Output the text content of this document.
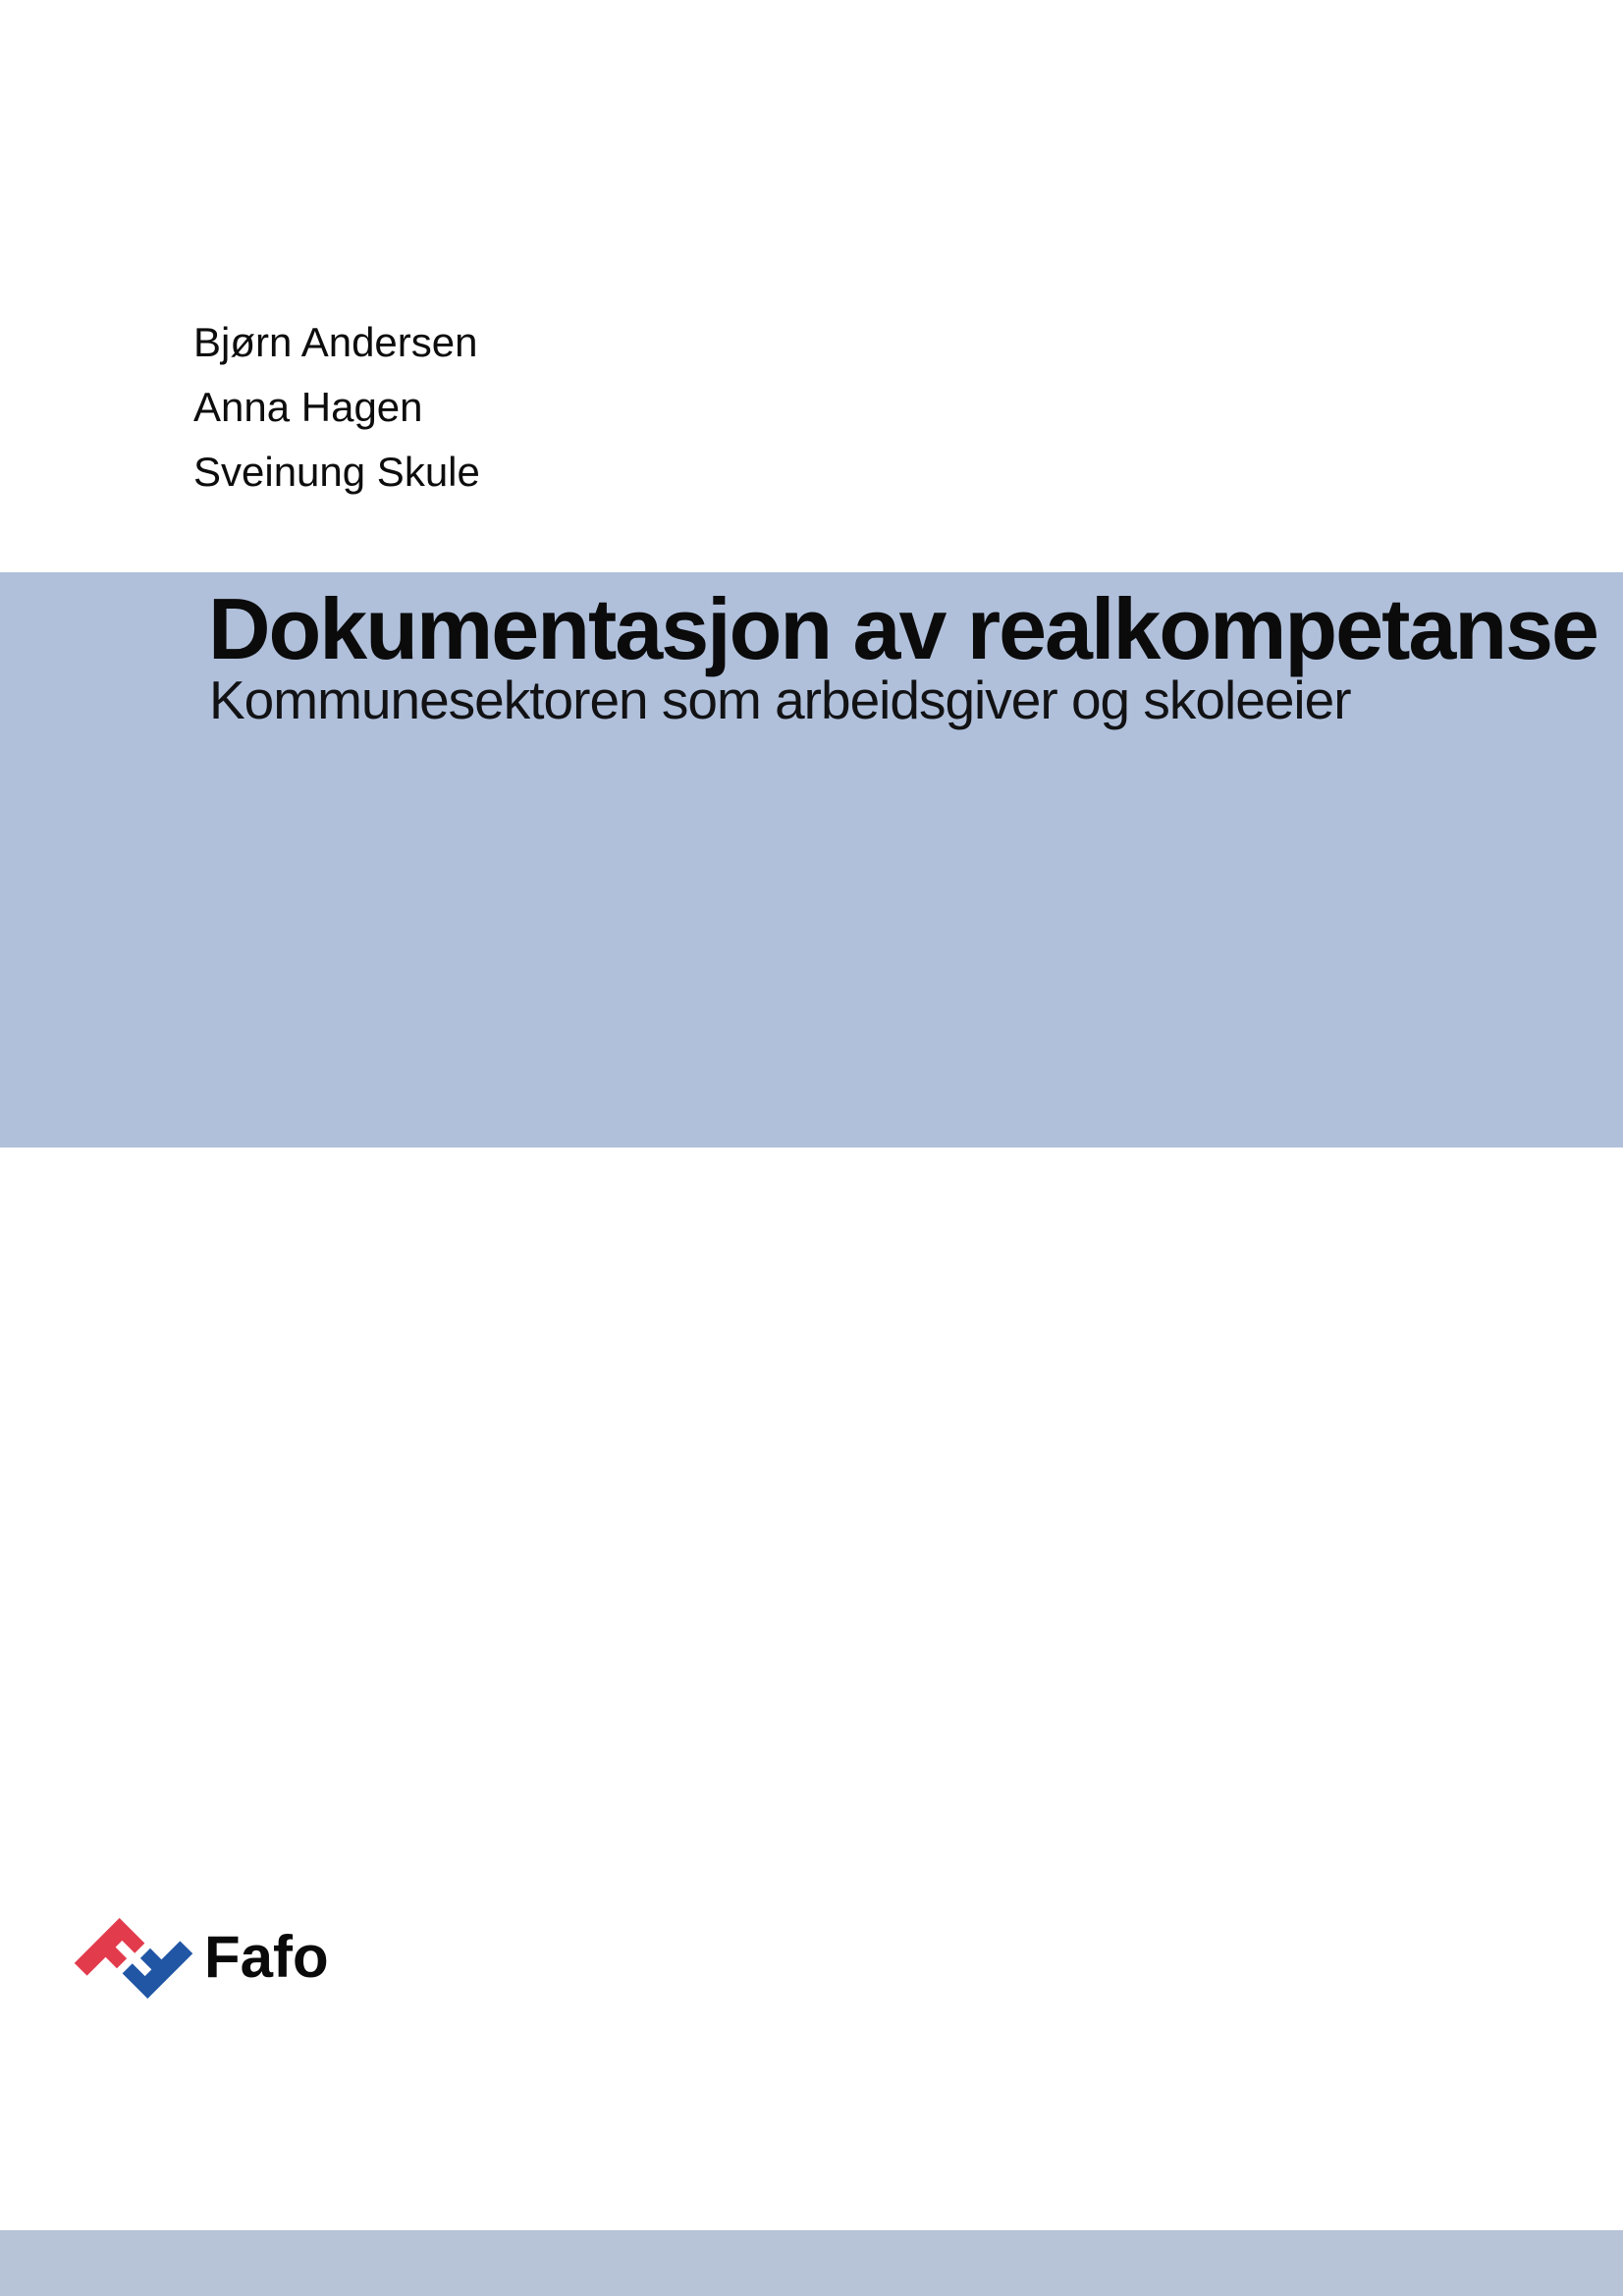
Bjørn Andersen
Anna Hagen
Sveinung Skule
Dokumentasjon av realkompetanse
Kommunesektoren som arbeidsgiver og skoleeier
Fafo
